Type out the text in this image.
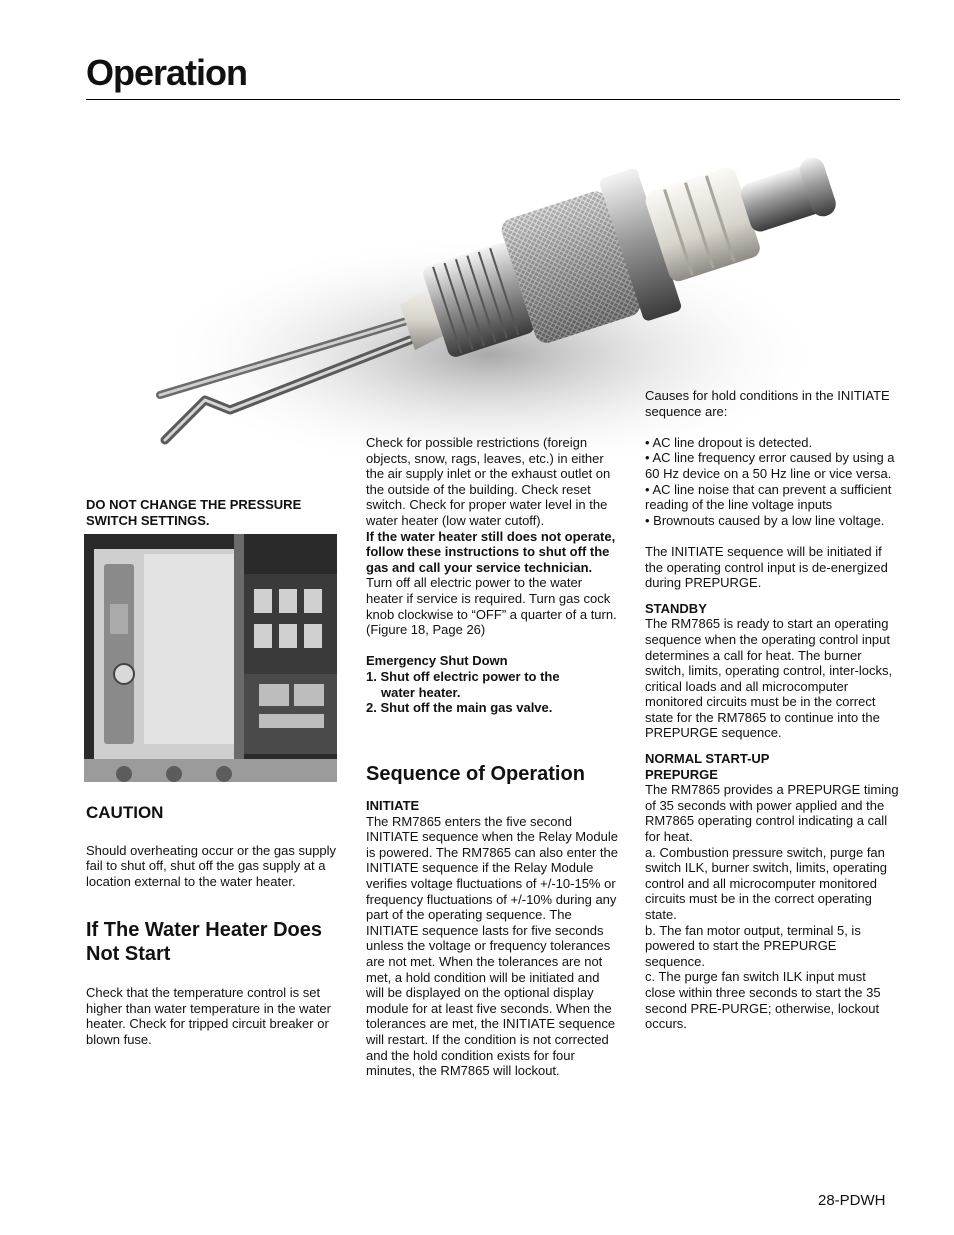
Operation

DO NOT CHANGE THE PRESSURE SWITCH SETTINGS.

CAUTION

Should overheating occur or the gas supply fail to shut off, shut off the gas supply at a location external to the water heater.

If The Water Heater Does Not Start

Check that the temperature control is set higher than water temperature in the water heater. Check for tripped circuit breaker or blown fuse.

Check for possible restrictions (foreign objects, snow, rags, leaves, etc.) in either the air supply inlet or the exhaust outlet on the outside of the building. Check reset switch. Check for proper water level in the water heater (low water cutoff).

If the water heater still does not operate, follow these instructions to shut off the gas and call your service technician.

Turn off all electric power to the water heater if service is required. Turn gas cock knob clockwise to “OFF” a quarter of a turn. (Figure 18, Page 26)

Emergency Shut Down

1. Shut off electric power to the

water heater.

2. Shut off the main gas valve.

Sequence of Operation

INITIATE

The RM7865 enters the five second INITIATE sequence when the Relay Module is powered. The RM7865 can also enter the INITIATE sequence if the Relay Module verifies voltage fluctuations of +/-10-15% or frequency fluctuations of +/-10% during any part of the operating sequence. The INITIATE sequence lasts for five seconds unless the voltage or frequency tolerances are not met. When the tolerances are not met, a hold condition will be initiated and will be displayed on the optional display module for at least five seconds. When the tolerances are met, the INITIATE sequence will restart. If the condition is not corrected and the hold condition exists for four minutes, the RM7865 will lockout.

Causes for hold conditions in the INITIATE sequence are:

• AC line dropout is detected.

• AC line frequency error caused by using a 60 Hz device on a 50 Hz line or vice versa.

• AC line noise that can prevent a sufficient reading of the line voltage inputs

• Brownouts caused by a low line voltage.

The INITIATE sequence will be initiated if the operating control input is de-energized during PREPURGE.

STANDBY

The RM7865 is ready to start an operating sequence when the operating control input determines a call for heat. The burner switch, limits, operating control, inter-locks, critical loads and all microcomputer monitored circuits must be in the correct state for the RM7865 to continue into the PREPURGE sequence.

NORMAL START-UP

PREPURGE

The RM7865 provides a PREPURGE timing of 35 seconds with power applied and the RM7865 operating control indicating a call for heat.

a. Combustion pressure switch, purge fan switch ILK, burner switch, limits, operating control and all microcomputer monitored circuits must be in the correct operating state.

b. The fan motor output, terminal 5, is powered to start the PREPURGE sequence.

c. The purge fan switch ILK input must close within three seconds to start the 35 second PRE-PURGE; otherwise, lockout occurs.

28-PDWH
